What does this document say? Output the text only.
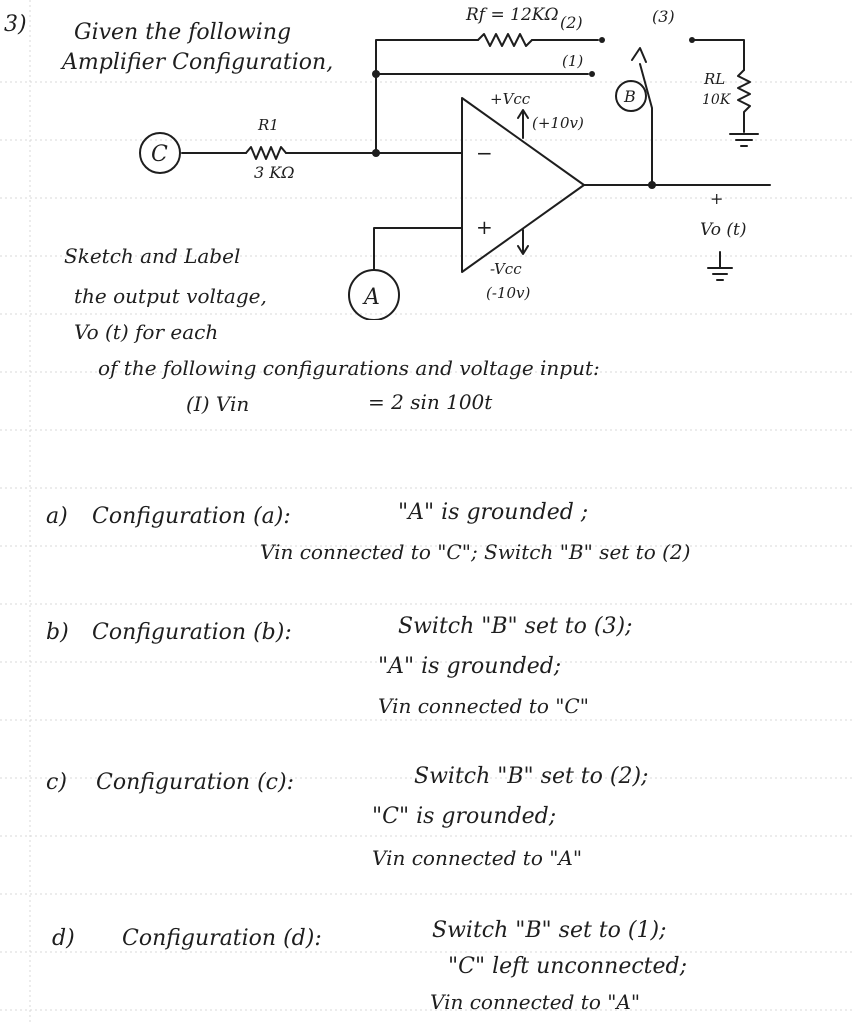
3) Given the following
Amplifier Configuration,
Rf = 12KΩ (2)	(3)
(1)
B
C
A
R1
3 KΩ
+Vcc
(+10v)
-Vcc
(-10v)
−
+
RL
10K
+
Vo (t)
Sketch and Label
the output voltage,
Vo (t) for each
of the following configurations and voltage input:
(I) Vin	= 2 sin 100t
a) Configuration (a):	"A" is grounded ;
Vin connected to "C"; Switch "B" set to (2)
b) Configuration (b):	Switch "B" set to (3);
"A" is grounded;
Vin connected to "C"
c) Configuration (c):	Switch "B" set to (2);
"C" is grounded;
Vin connected to "A"
d) Configuration (d):	Switch "B" set to (1);
"C" left unconnected;
Vin connected to "A"
